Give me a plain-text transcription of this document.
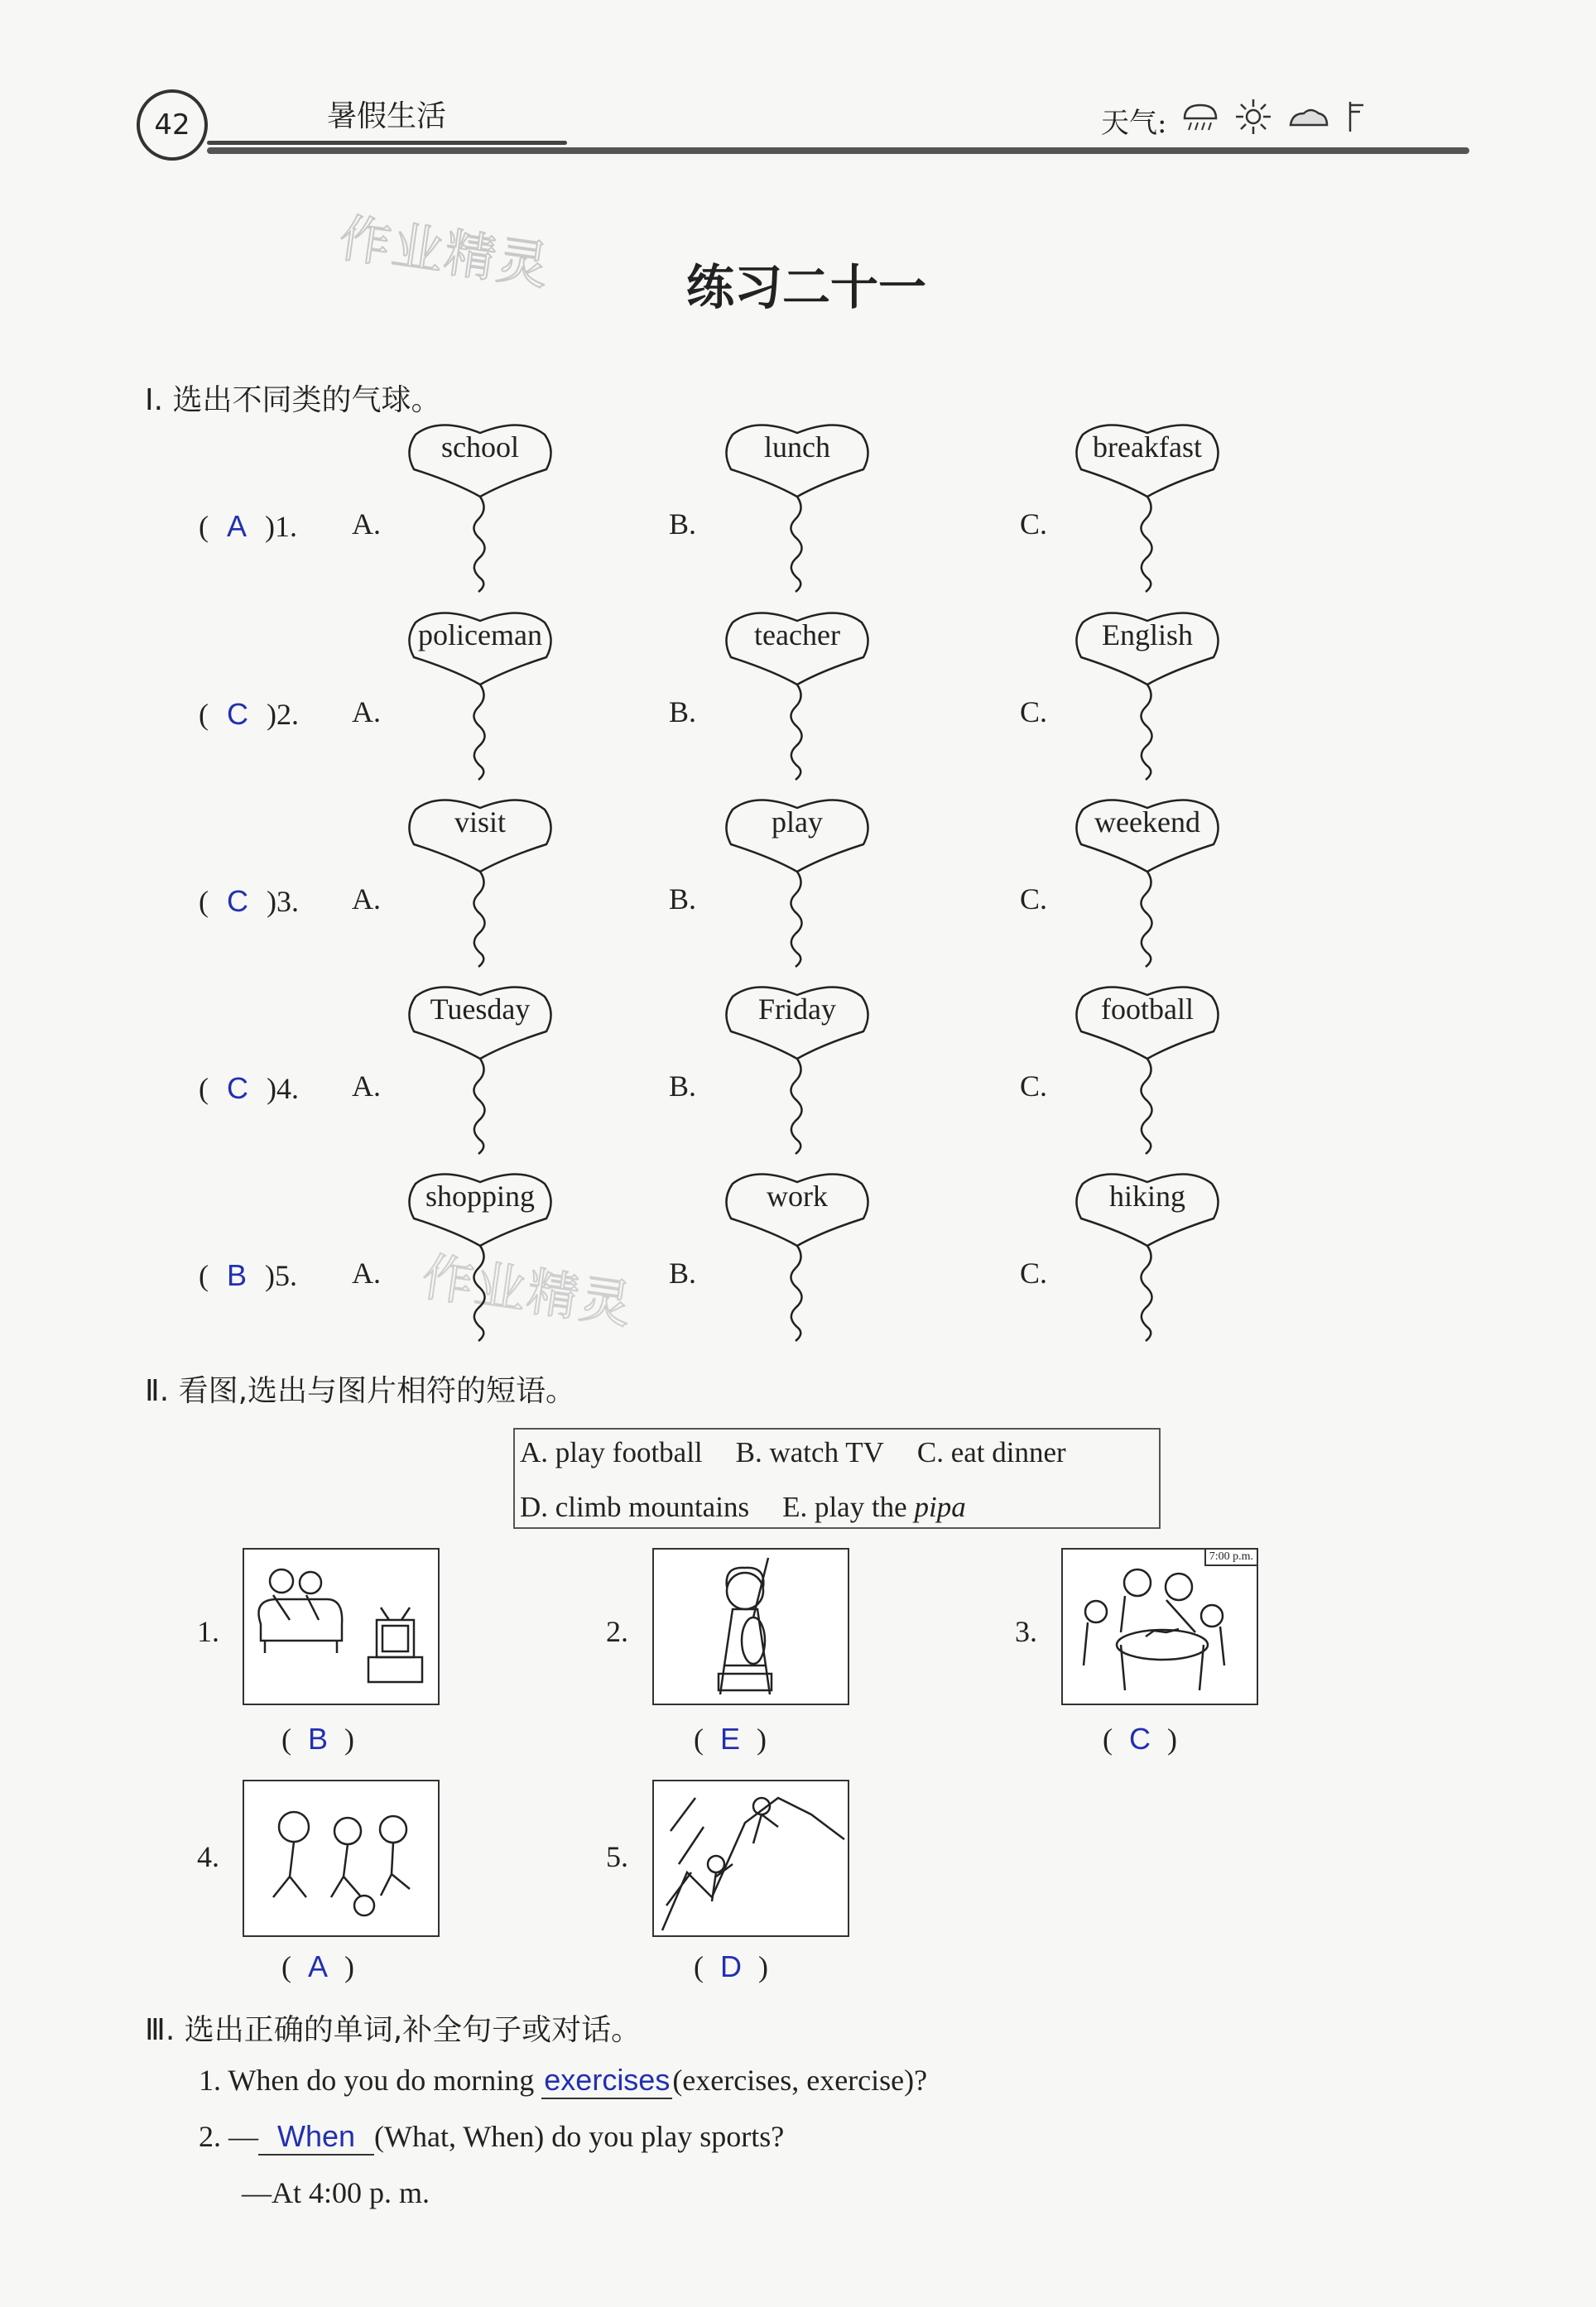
42	暑假生活	天气:
作业精灵
作业精灵
练习二十一
Ⅰ. 选出不同类的气球。
( A )1. A.
school
B.
lunch
C.
breakfast
( C )2. A.
policeman
B.
teacher
C.
English
( C )3. A.
visit
B.
play
C.
weekend
( C )4. A.
Tuesday
B.
Friday
C.
football
( B )5. A.
shopping
B.
work
C.
hiking
Ⅱ. 看图,选出与图片相符的短语。
A. play football B. watch TV C. eat dinner
D. climb mountains E. play the pipa
1.
( B )
2.
( E )
3.
7:00 p.m.
( C )
4.
( A )
5.
( D )
Ⅲ. 选出正确的单词,补全句子或对话。
1. When do you do morning exercises(exercises, exercise)?
2. — When (What, When) do you play sports?
—At 4:00 p. m.
